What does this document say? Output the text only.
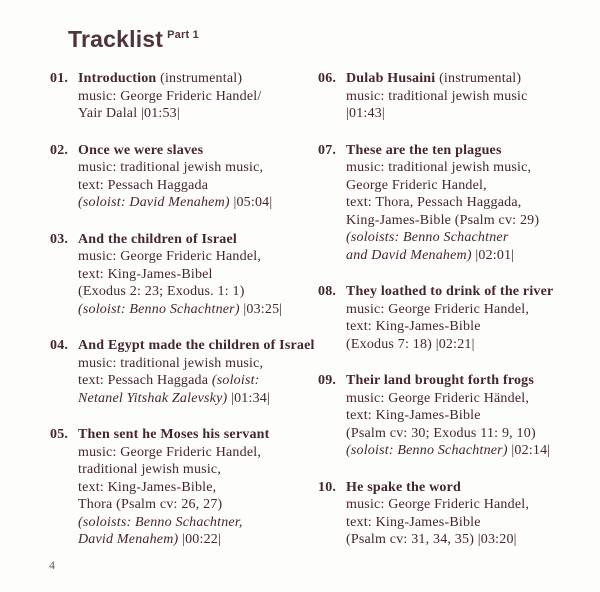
Tracklist $^{Part 1}$
01. Introduction (instrumental)
music: George Frideric Handel/
Yair Dalal |01:53|
02. Once we were slaves
music: traditional jewish music,
text: Pessach Haggada
(soloist: David Menahem) |05:04|
03. And the children of Israel
music: George Frideric Handel,
text: King-James-Bibel
(Exodus 2: 23; Exodus. 1: 1)
(soloist: Benno Schachtner) |03:25|
04. And Egypt made the children of Israel
music: traditional jewish music,
text: Pessach Haggada (soloist:
Netanel Yitshak Zalevsky) |01:34|
05. Then sent he Moses his servant
music: George Frideric Handel,
traditional jewish music,
text: King-James-Bible,
Thora (Psalm cv: 26, 27)
(soloists: Benno Schachtner,
David Menahem) |00:22|
06. Dulab Husaini (instrumental)
music: traditional jewish music
|01:43|
07. These are the ten plagues
music: traditional jewish music,
George Frideric Handel,
text: Thora, Pessach Haggada,
King-James-Bible (Psalm cv: 29)
(soloists: Benno Schachtner
and David Menahem) |02:01|
08. They loathed to drink of the river
music: George Frideric Handel,
text: King-James-Bible
(Exodus 7: 18) |02:21|
09. Their land brought forth frogs
music: George Frideric Händel,
text: King-James-Bible
(Psalm cv: 30; Exodus 11: 9, 10)
(soloist: Benno Schachtner) |02:14|
10. He spake the word
music: George Frideric Handel,
text: King-James-Bible
(Psalm cv: 31, 34, 35) |03:20|
4
